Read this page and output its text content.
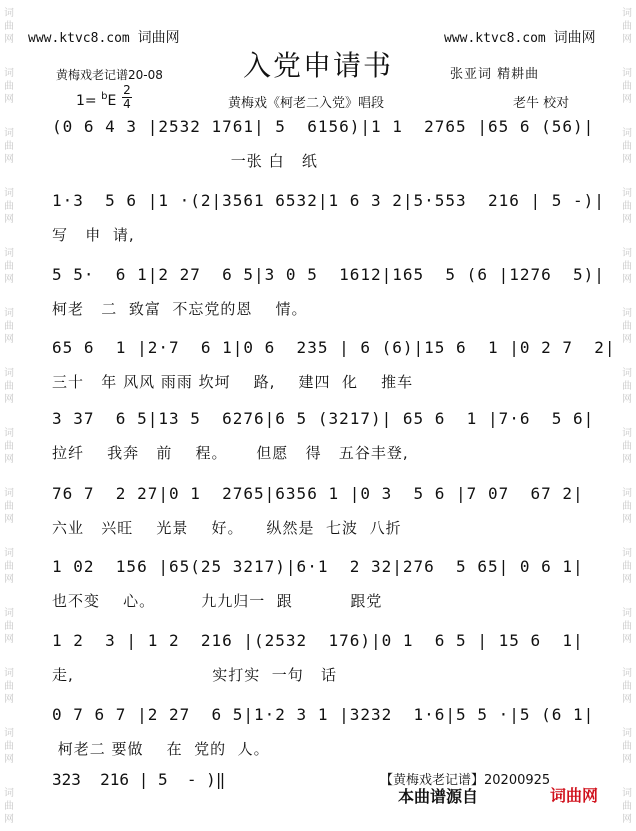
词
曲
网
词
曲
网
词
曲
网
词
曲
网
词
曲
网
词
曲
网
词
曲
网
词
曲
网
词
曲
网
词
曲
网
词
曲
网
词
曲
网
词
曲
网
词
曲
网
词
曲
网
词
曲
网
词
曲
网
词
曲
网
词
曲
网
词
曲
网
词
曲
网
词
曲
网
词
曲
网
词
曲
网
词
曲
网
词
曲
网
词
曲
网
词
曲
网
www.ktvc8.com 词曲网	www.ktvc8.com 词曲网
入党申请书
黄梅戏老记谱20-08	张亚词 精耕曲
1= $^b$E
2
4	黄梅戏《柯老二入党》唱段	老牛 校对
(0 6 4 3 |2532 1761| 5  6156)|1 1  2765 |65 6 (56)|
一张 白   纸
1·3  5 6 |1 ·(2|3561 6532|1 6 3 2|5·553  216 | 5 -)|
写   申  请,
5 5·  6 1|2 27  6 5|3 0 5  1612|165  5 (6 |1276  5)|
柯老   二  致富  不忘党的恩    情。
65 6  1 |2·7  6 1|0 6  235 | 6 (6)|15 6  1 |0 2 7  2|
三十   年 风风 雨雨 坎坷    路,    建四  化    推车
3 37  6 5|13 5  6276|6 5 (3217)| 65 6  1 |7·6  5 6|
拉纤    我奔   前    程。     但愿   得   五谷丰登,
76 7  2 27|0 1  2765|6356 1 |0 3  5 6 |7 07  67 2|
六业   兴旺    光景    好。    纵然是  七波  八折
1 02  156 |65(25 3217)|6·1  2 32|276  5 65| 0 6 1|
也不变    心。        九九归一  跟          跟党
1 2  3 | 1 2  216 |(2532  176)|0 1  6 5 | 15 6  1|
走,                        实打实  一句   话
0 7 6 7 |2 27  6 5|1·2 3 1 |3232  1·6|5 5 ·|5 (6 1|
柯老二 要做    在  党的  人。
323  216 | 5  - )‖	【黄梅戏老记谱】20200925
本曲谱源自	词曲网
